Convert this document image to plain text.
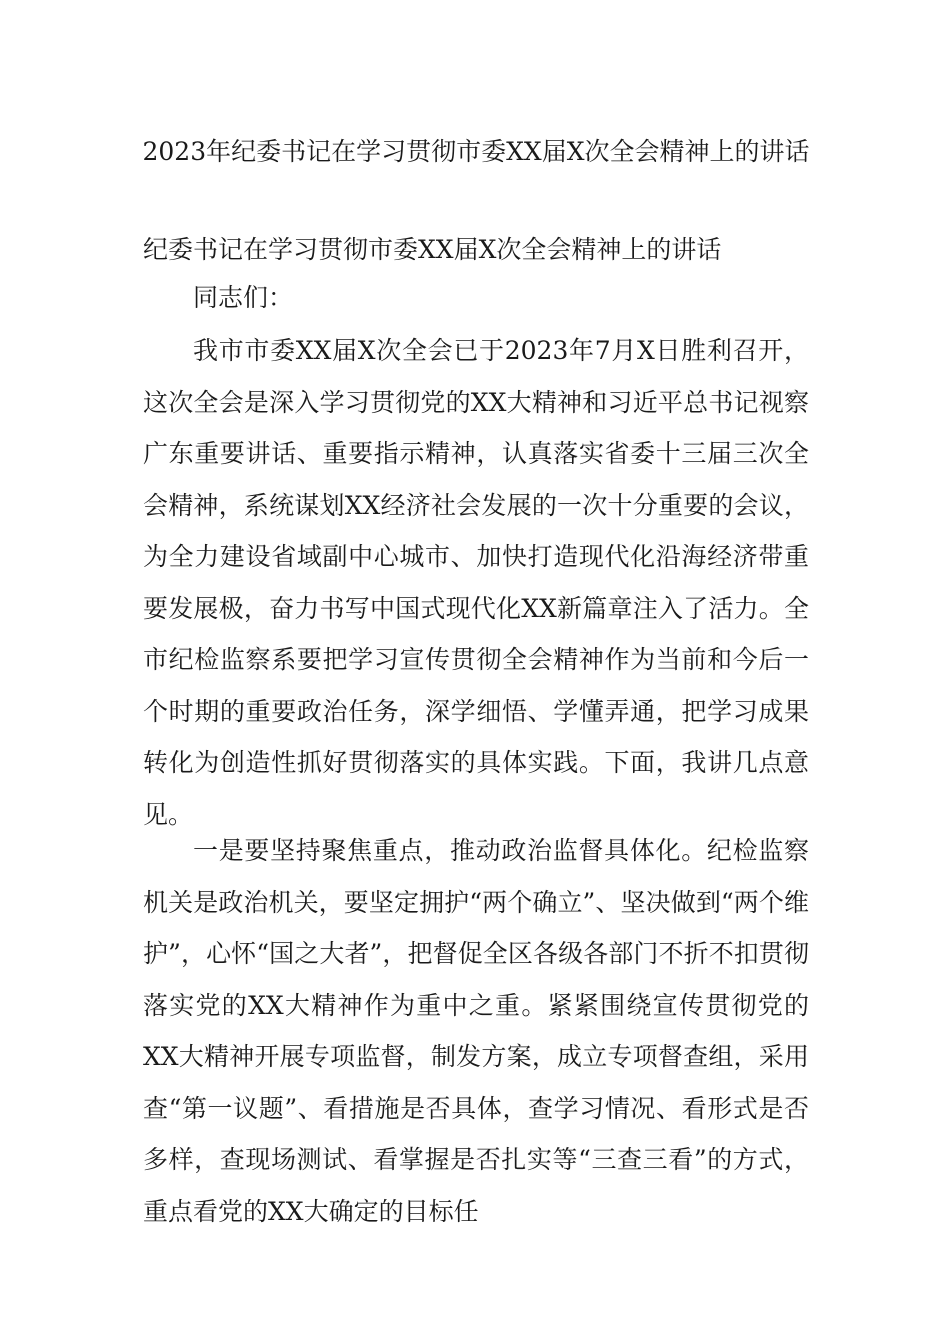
2023年纪委书记在学习贯彻市委XX届X次全会精神上的讲话

纪委书记在学习贯彻市委XX届X次全会精神上的讲话

同志们：

我市市委XX届X次全会已于2023年7月X日胜利召开，这次全会是深入学习贯彻党的XX大精神和习近平总书记视察广东重要讲话、重要指示精神，认真落实省委十三届三次全会精神，系统谋划XX经济社会发展的一次十分重要的会议，为全力建设省域副中心城市、加快打造现代化沿海经济带重要发展极，奋力书写中国式现代化XX新篇章注入了活力。全市纪检监察系要把学习宣传贯彻全会精神作为当前和今后一个时期的重要政治任务，深学细悟、学懂弄通，把学习成果转化为创造性抓好贯彻落实的具体实践。下面，我讲几点意见。

一是要坚持聚焦重点，推动政治监督具体化。纪检监察机关是政治机关，要坚定拥护“两个确立”、坚决做到“两个维护”，心怀“国之大者”，把督促全区各级各部门不折不扣贯彻落实党的XX大精神作为重中之重。紧紧围绕宣传贯彻党的XX大精神开展专项监督，制发方案，成立专项督查组，采用查“第一议题”、看措施是否具体，查学习情况、看形式是否多样，查现场测试、看掌握是否扎实等“三查三看”的方式，重点看党的XX大确定的目标任
